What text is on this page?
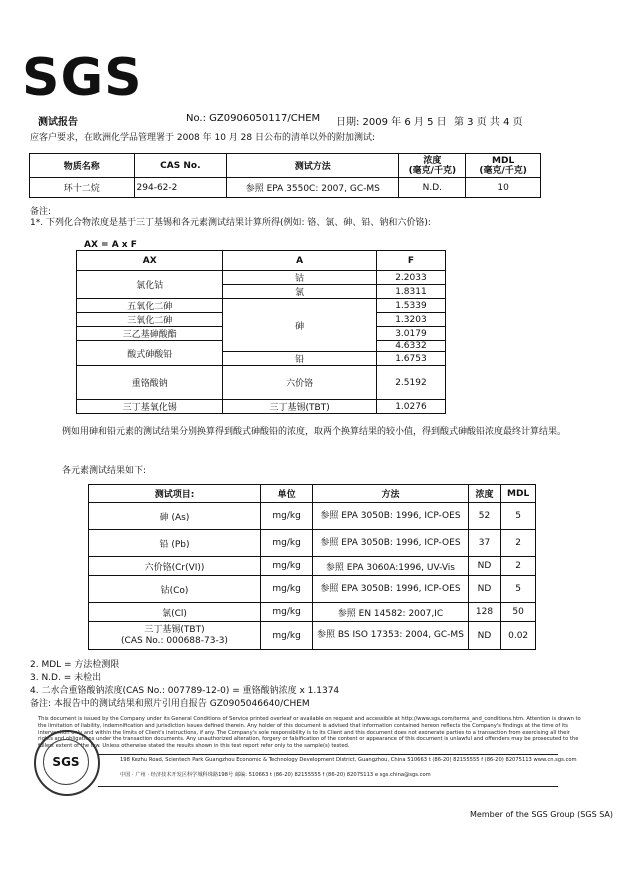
SGS
测试报告	No.: GZ0906050117/CHEM 日期: 2009 年 6 月 5 日 第 3 页 共 4 页
应客户要求，在欧洲化学品管理署于 2008 年 10 月 28 日公布的清单以外的附加测试:
物质名称	CAS No.	测试方法	浓度
(毫克/千克)	MDL
(毫克/千克)
环十二烷	294-62-2	参照 EPA 3550C: 2007, GC-MS	N.D.	10
备注:
1*. 下列化合物浓度是基于三丁基锡和各元素测试结果计算所得(例如: 铬、氯、砷、铅、钠和六价铬):
AX = A x F
AX	A	F
氯化钴	钴	2.2033
	氯	1.8311
五氧化二砷	砷	1.5339
三氧化二砷		1.3203
三乙基砷酸酯		3.0179
酸式砷酸铅		4.6332
	铅	1.6753
重铬酸钠	六价铬	2.5192
三丁基氧化锡	三丁基锡(TBT)	1.0276
例如用砷和铅元素的测试结果分别换算得到酸式砷酸铅的浓度，取两个换算结果的较小值，得到酸式砷酸铅浓度最终计算结果。
各元素测试结果如下:
测试项目:	单位	方法	浓度	MDL
砷 (As)	mg/kg	参照 EPA 3050B: 1996, ICP-OES	52	5
铅 (Pb)	mg/kg	参照 EPA 3050B: 1996, ICP-OES	37	2
六价铬(Cr(VI))	mg/kg	参照 EPA 3060A:1996, UV-Vis	ND	2
钴(Co)	mg/kg	参照 EPA 3050B: 1996, ICP-OES	ND	5
氯(Cl)	mg/kg	参照 EN 14582: 2007,IC	128	50
三丁基锡(TBT)
(CAS No.: 000688-73-3)	mg/kg	参照 BS ISO 17353: 2004, GC-MS	ND	0.02
2. MDL = 方法检测限
3. N.D. = 未检出
4. 二水合重铬酸钠浓度(CAS No.: 007789-12-0) = 重铬酸钠浓度 x 1.1374
备注: 本报告中的测试结果和照片引用自报告 GZ0905046640/CHEM
This document is issued by the Company under its General Conditions of Service printed overleaf or available on request and accessible at http://www.sgs.com/terms_and_conditions.htm. Attention is drawn to the limitation of liability, indemnification and jurisdiction issues defined therein. Any holder of this document is advised that information contained hereon reflects the Company's findings at the time of its intervention only and within the limits of Client's instructions, if any. The Company's sole responsibility is to its Client and this document does not exonerate parties to a transaction from exercising all their rights and obligations under the transaction documents. Any unauthorized alteration, forgery or falsification of the content or appearance of this document is unlawful and offenders may be prosecuted to the fullest extent of the law. Unless otherwise stated the results shown in this test report refer only to the sample(s) tested.
SGS	198 Kezhu Road, Scientech Park Guangzhou Economic & Technology Development District, Guangzhou, China 510663 t (86-20) 82155555 f (86-20) 82075113 www.cn.sgs.com
中国 · 广州 · 经济技术开发区科学城科珠路198号 邮编: 510663 t (86-20) 82155555 f (86-20) 82075113 e sgs.china@sgs.com
Member of the SGS Group (SGS SA)
